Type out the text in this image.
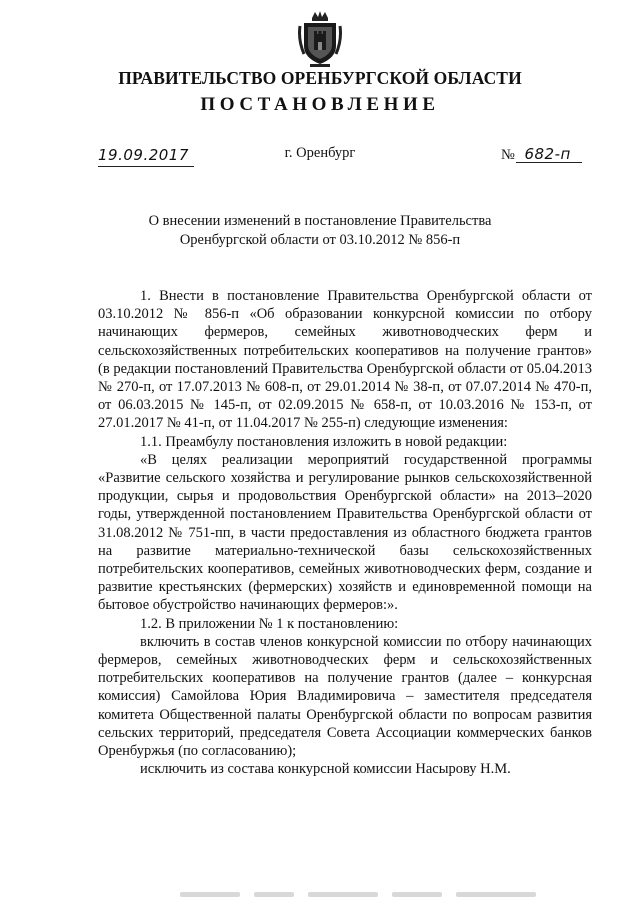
ПРАВИТЕЛЬСТВО ОРЕНБУРГСКОЙ ОБЛАСТИ
ПОСТАНОВЛЕНИЕ
19.09.2017	г. Оренбург	№ 682-п
О внесении изменений в постановление Правительства
Оренбургской области от 03.10.2012 № 856-п

1. Внести в постановление Правительства Оренбургской области от 03.10.2012 № 856-п «Об образовании конкурсной комиссии по отбору начинающих фермеров, семейных животноводческих ферм и сельскохозяйственных потребительских кооперативов на получение грантов» (в редакции постановлений Правительства Оренбургской области от 05.04.2013 № 270-п, от 17.07.2013 № 608-п, от 29.01.2014 № 38-п, от 07.07.2014 № 470-п, от 06.03.2015 № 145-п, от 02.09.2015 № 658-п, от 10.03.2016 № 153-п, от 27.01.2017 № 41-п, от 11.04.2017 № 255-п) следующие изменения:

1.1. Преамбулу постановления изложить в новой редакции:

«В целях реализации мероприятий государственной программы «Развитие сельского хозяйства и регулирование рынков сельскохозяйственной продукции, сырья и продовольствия Оренбургской области» на 2013–2020 годы, утвержденной постановлением Правительства Оренбургской области от 31.08.2012 № 751-пп, в части предоставления из областного бюджета грантов на развитие материально-технической базы сельскохозяйственных потребительских кооперативов, семейных животноводческих ферм, создание и развитие крестьянских (фермерских) хозяйств и единовременной помощи на бытовое обустройство начинающих фермеров:».

1.2. В приложении № 1 к постановлению:

включить в состав членов конкурсной комиссии по отбору начинающих фермеров, семейных животноводческих ферм и сельскохозяйственных потребительских кооперативов на получение грантов (далее – конкурсная комиссия) Самойлова Юрия Владимировича – заместителя председателя комитета Общественной палаты Оренбургской области по вопросам развития сельских территорий, председателя Совета Ассоциации коммерческих банков Оренбуржья (по согласованию);

исключить из состава конкурсной комиссии Насырову Н.М.
